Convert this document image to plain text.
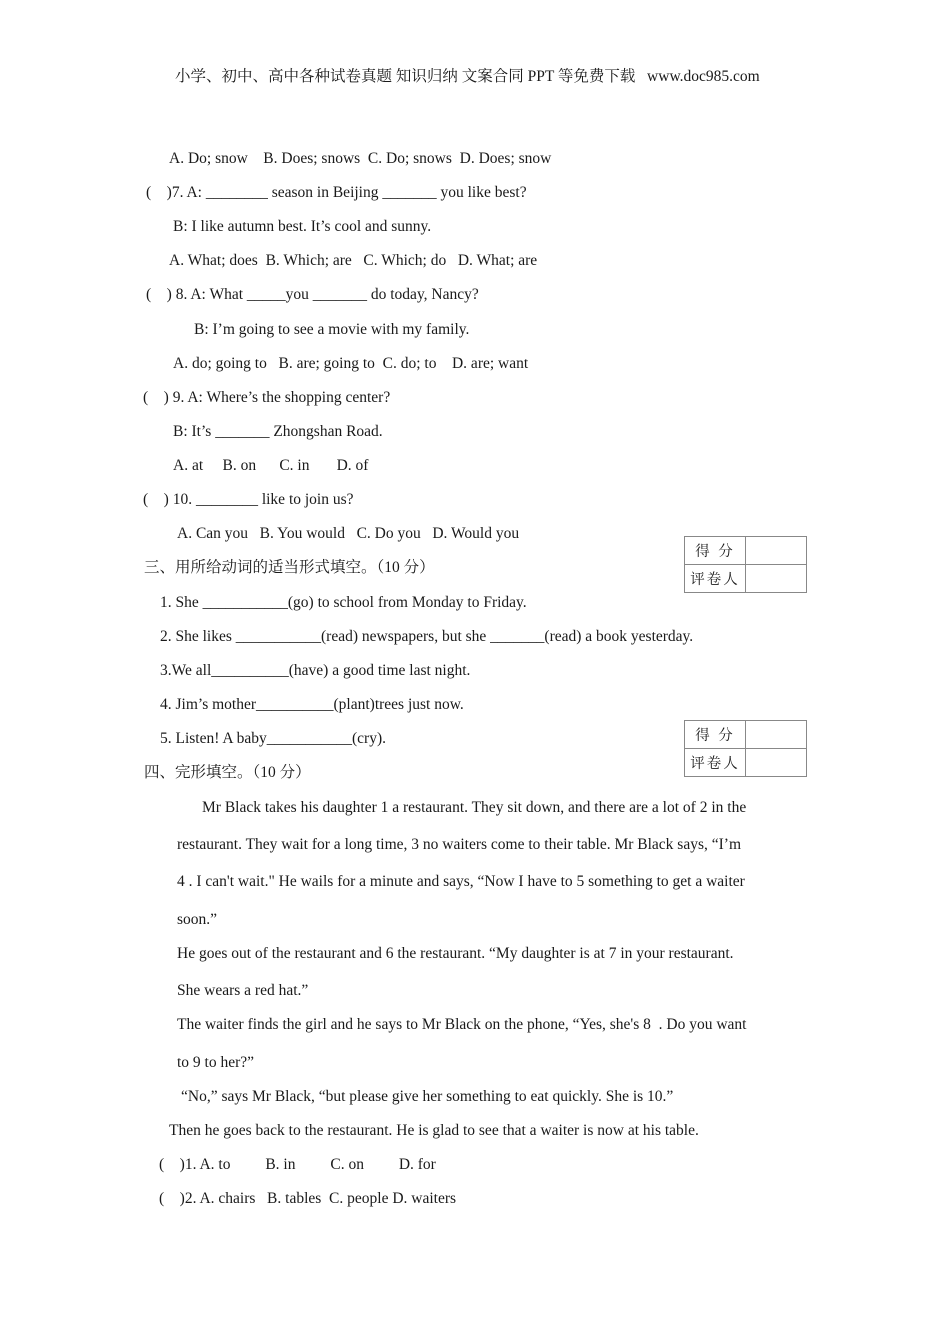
小学、初中、高中各种试卷真题 知识归纳 文案合同 PPT 等免费下载   www.doc985.com
A. Do; snow    B. Does; snows  C. Do; snows  D. Does; snow
(    )7. A: ________ season in Beijing _______ you like best?
B: I like autumn best. It’s cool and sunny.
A. What; does  B. Which; are   C. Which; do   D. What; are
(    ) 8. A: What _____you _______ do today, Nancy?
B: I’m going to see a movie with my family.
A. do; going to   B. are; going to  C. do; to    D. are; want
(    ) 9. A: Where’s the shopping center?
B: It’s _______ Zhongshan Road.
A. at     B. on      C. in       D. of
(    ) 10. ________ like to join us?
A. Can you   B. You would   C. Do you   D. Would you
得 分	
评卷人	
三、用所给动词的适当形式填空。（10 分）
1. She ___________(go) to school from Monday to Friday.
2. She likes ___________(read) newspapers, but she _______(read) a book yesterday.
3.We all__________(have) a good time last night.
4. Jim’s mother__________(plant)trees just now.
5. Listen! A baby___________(cry).	得 分	
评卷人	
四、完形填空。（10 分）
Mr Black takes his daughter 1 a restaurant. They sit down, and there are a lot of 2 in the
restaurant. They wait for a long time, 3 no waiters come to their table. Mr Black says, “I’m
4 . I can't wait." He wails for a minute and says, “Now I have to 5 something to get a waiter
soon.”
He goes out of the restaurant and 6 the restaurant. “My daughter is at 7 in your restaurant.
She wears a red hat.”
The waiter finds the girl and he says to Mr Black on the phone, “Yes, she's 8  . Do you want
to 9 to her?”
“No,” says Mr Black, “but please give her something to eat quickly. She is 10.”
Then he goes back to the restaurant. He is glad to see that a waiter is now at his table.
(    )1. A. to         B. in         C. on         D. for
(    )2. A. chairs   B. tables  C. people D. waiters
